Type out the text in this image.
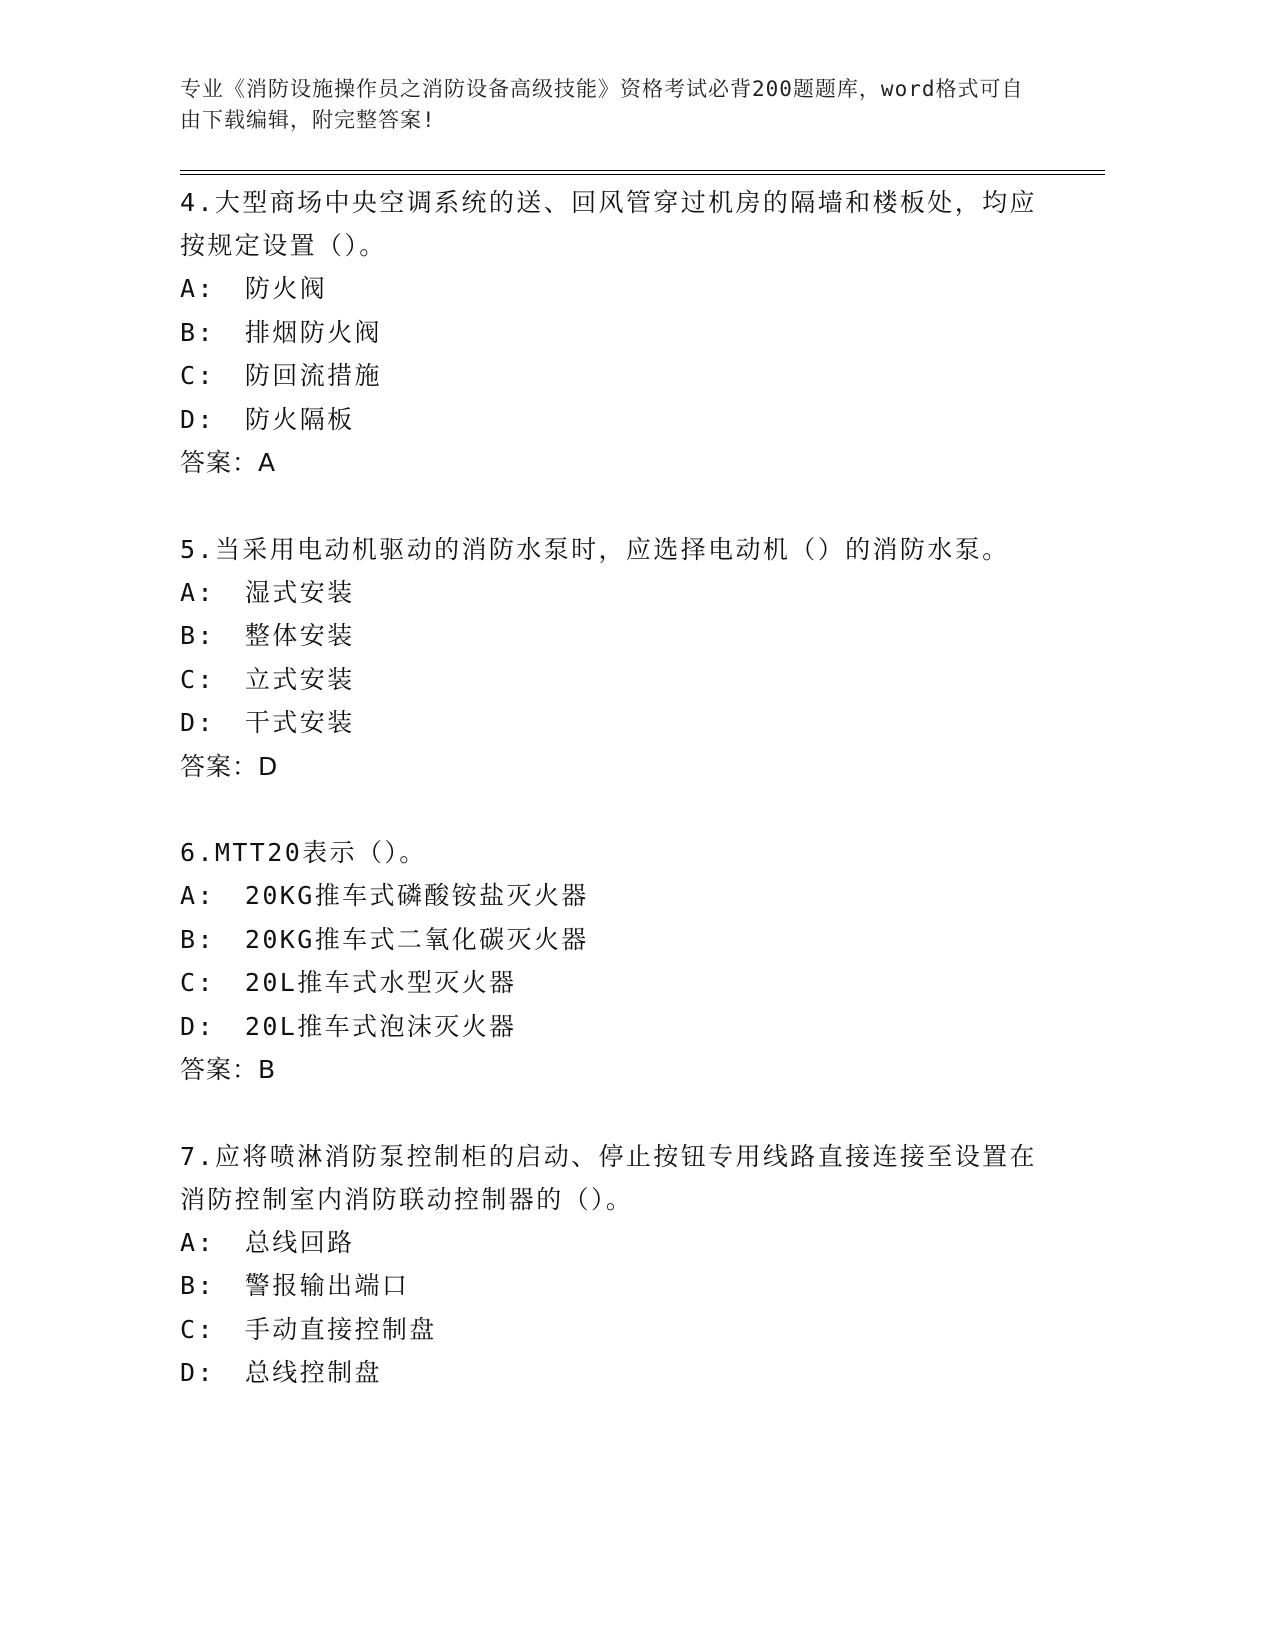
专业《消防设施操作员之消防设备高级技能》资格考试必背200题题库，word格式可自由下载编辑，附完整答案!
4.大型商场中央空调系统的送、回风管穿过机房的隔墙和楼板处，均应按规定设置（）。
A: 防火阀
B: 排烟防火阀
C: 防回流措施
D: 防火隔板
答案：A
5.当采用电动机驱动的消防水泵时，应选择电动机（）的消防水泵。
A: 湿式安装
B: 整体安装
C: 立式安装
D: 干式安装
答案：D
6.MTT20表示（）。
A: 20KG推车式磷酸铵盐灭火器
B: 20KG推车式二氧化碳灭火器
C: 20L推车式水型灭火器
D: 20L推车式泡沫灭火器
答案：B
7.应将喷淋消防泵控制柜的启动、停止按钮专用线路直接连接至设置在消防控制室内消防联动控制器的（）。
A: 总线回路
B: 警报输出端口
C: 手动直接控制盘
D: 总线控制盘
